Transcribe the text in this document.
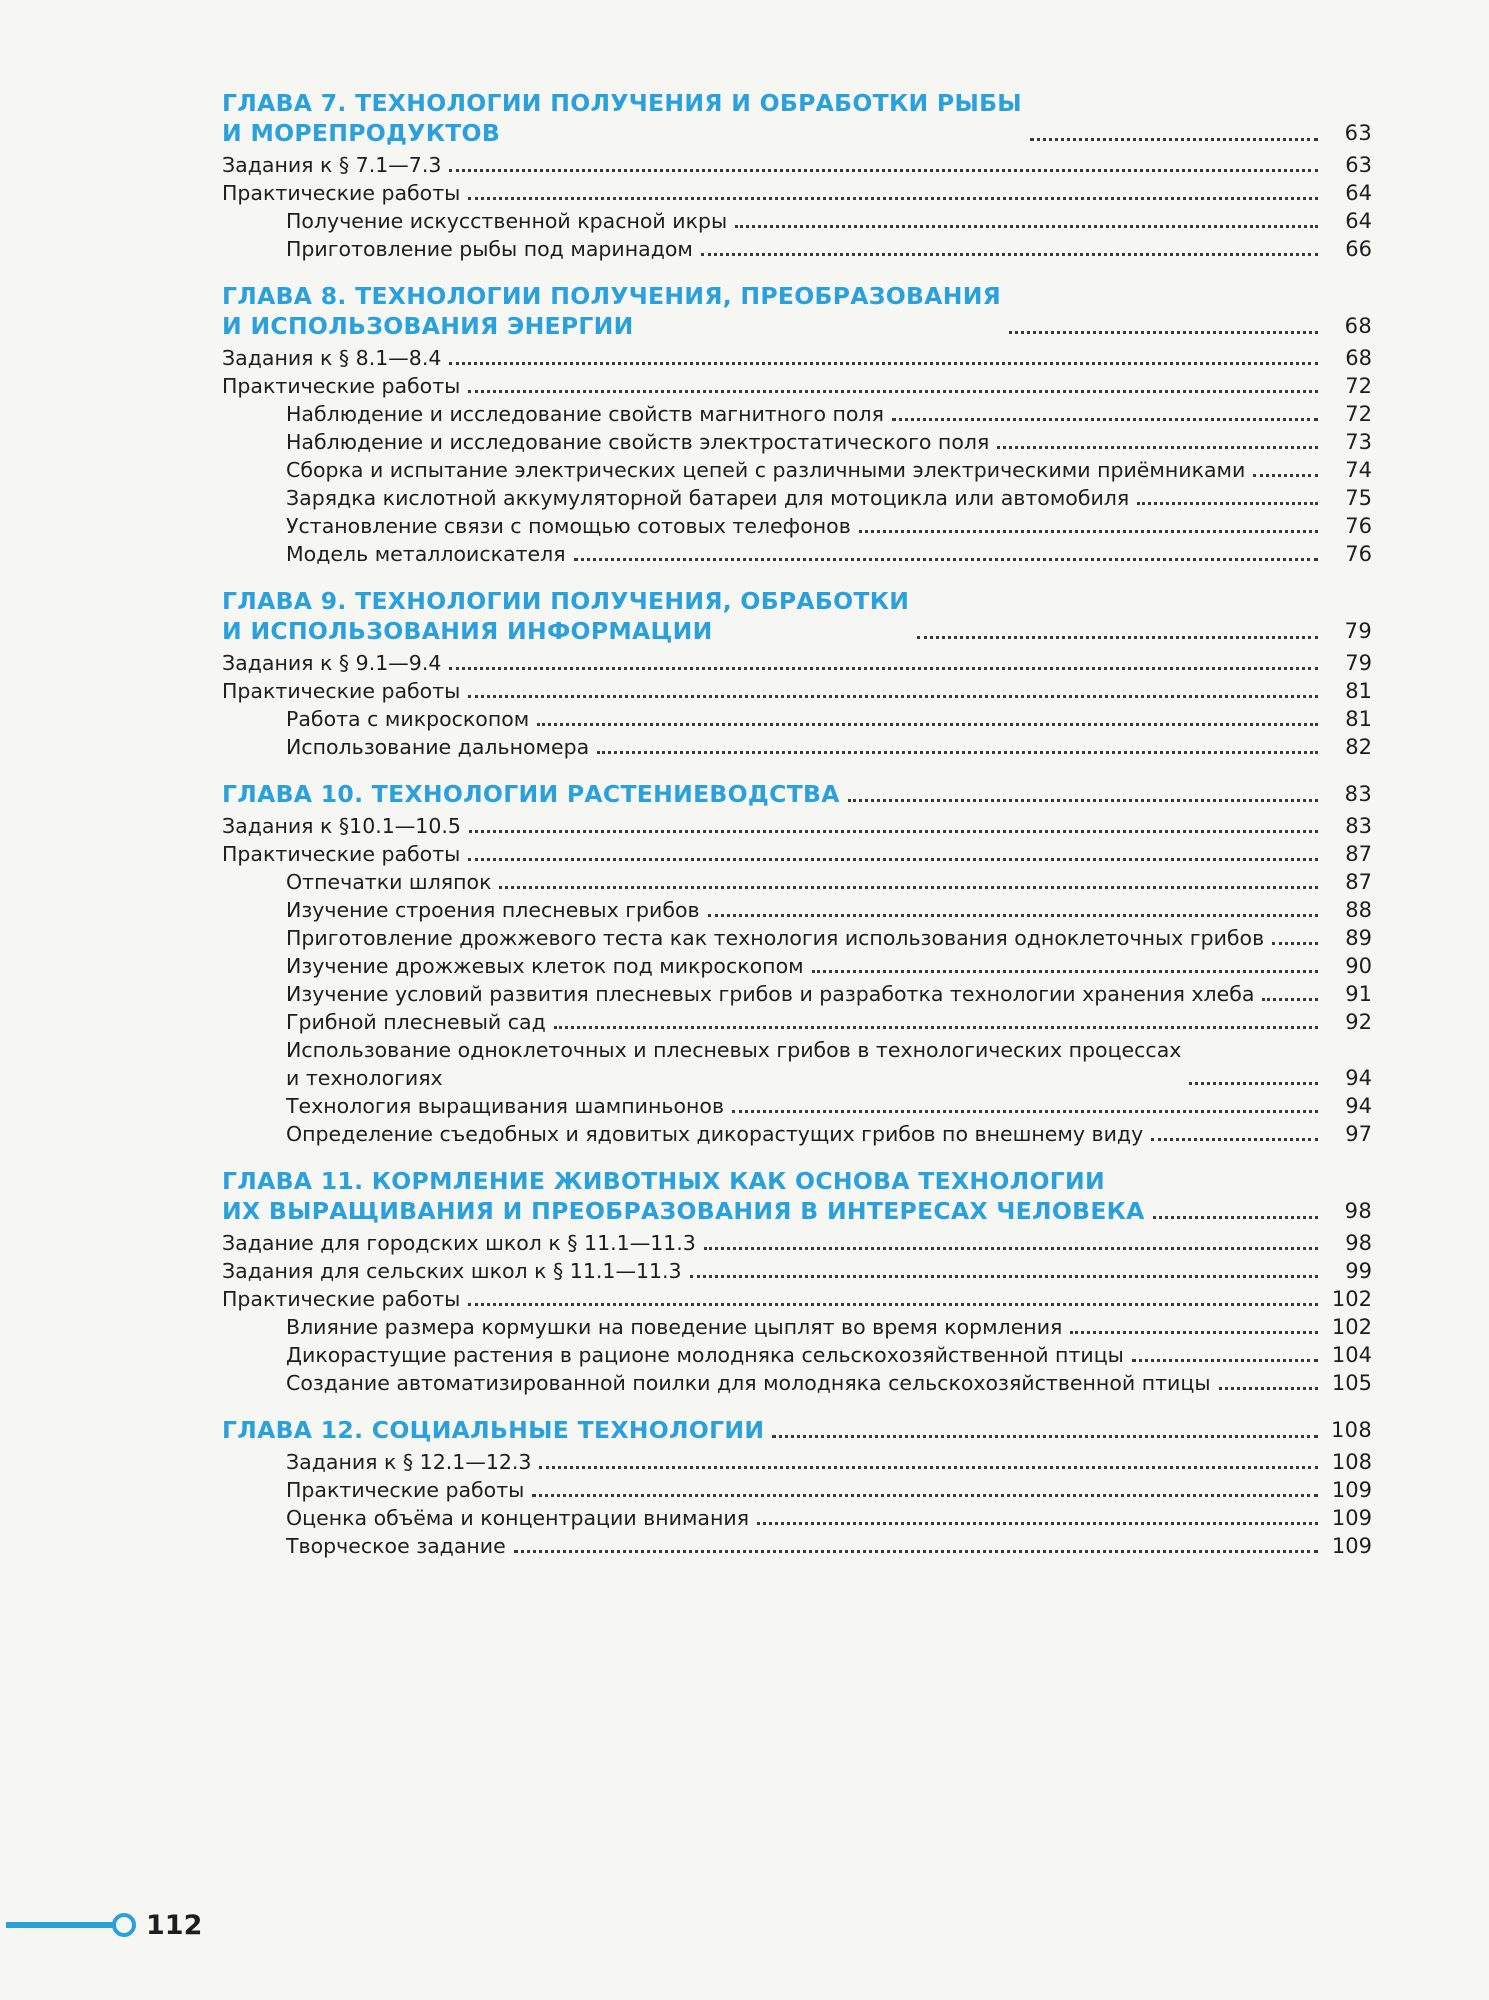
ГЛАВА 7. ТЕХНОЛОГИИ ПОЛУЧЕНИЯ И ОБРАБОТКИ РЫБЫ
И МОРЕПРОДУКТОВ	63
Задания к § 7.1—7.3	63
Практические работы	64
Получение искусственной красной икры	64
Приготовление рыбы под маринадом	66
ГЛАВА 8. ТЕХНОЛОГИИ ПОЛУЧЕНИЯ, ПРЕОБРАЗОВАНИЯ
И ИСПОЛЬЗОВАНИЯ ЭНЕРГИИ	68
Задания к § 8.1—8.4	68
Практические работы	72
Наблюдение и исследование свойств магнитного поля	72
Наблюдение и исследование свойств электростатического поля	73
Сборка и испытание электрических цепей с различными электрическими приёмниками	74
Зарядка кислотной аккумуляторной батареи для мотоцикла или автомобиля	75
Установление связи с помощью сотовых телефонов	76
Модель металлоискателя	76
ГЛАВА 9. ТЕХНОЛОГИИ ПОЛУЧЕНИЯ, ОБРАБОТКИ
И ИСПОЛЬЗОВАНИЯ ИНФОРМАЦИИ	79
Задания к § 9.1—9.4	79
Практические работы	81
Работа с микроскопом	81
Использование дальномера	82
ГЛАВА 10. ТЕХНОЛОГИИ РАСТЕНИЕВОДСТВА	83
Задания к §10.1—10.5	83
Практические работы	87
Отпечатки шляпок	87
Изучение строения плесневых грибов	88
Приготовление дрожжевого теста как технология использования одноклеточных грибов	89
Изучение дрожжевых клеток под микроскопом	90
Изучение условий развития плесневых грибов и разработка технологии хранения хлеба	91
Грибной плесневый сад	92
Использование одноклеточных и плесневых грибов в технологических процессах
и технологиях	94
Технология выращивания шампиньонов	94
Определение съедобных и ядовитых дикорастущих грибов по внешнему виду	97
ГЛАВА 11. КОРМЛЕНИЕ ЖИВОТНЫХ КАК ОСНОВА ТЕХНОЛОГИИ
ИХ ВЫРАЩИВАНИЯ И ПРЕОБРАЗОВАНИЯ В ИНТЕРЕСАХ ЧЕЛОВЕКА	98
Задание для городских школ к § 11.1—11.3	98
Задания для сельских школ к § 11.1—11.3	99
Практические работы	102
Влияние размера кормушки на поведение цыплят во время кормления	102
Дикорастущие растения в рационе молодняка сельскохозяйственной птицы	104
Создание автоматизированной поилки для молодняка сельскохозяйственной птицы	105
ГЛАВА 12. СОЦИАЛЬНЫЕ ТЕХНОЛОГИИ	108
Задания к § 12.1—12.3	108
Практические работы	109
Оценка объёма и концентрации внимания	109
Творческое задание	109
112
